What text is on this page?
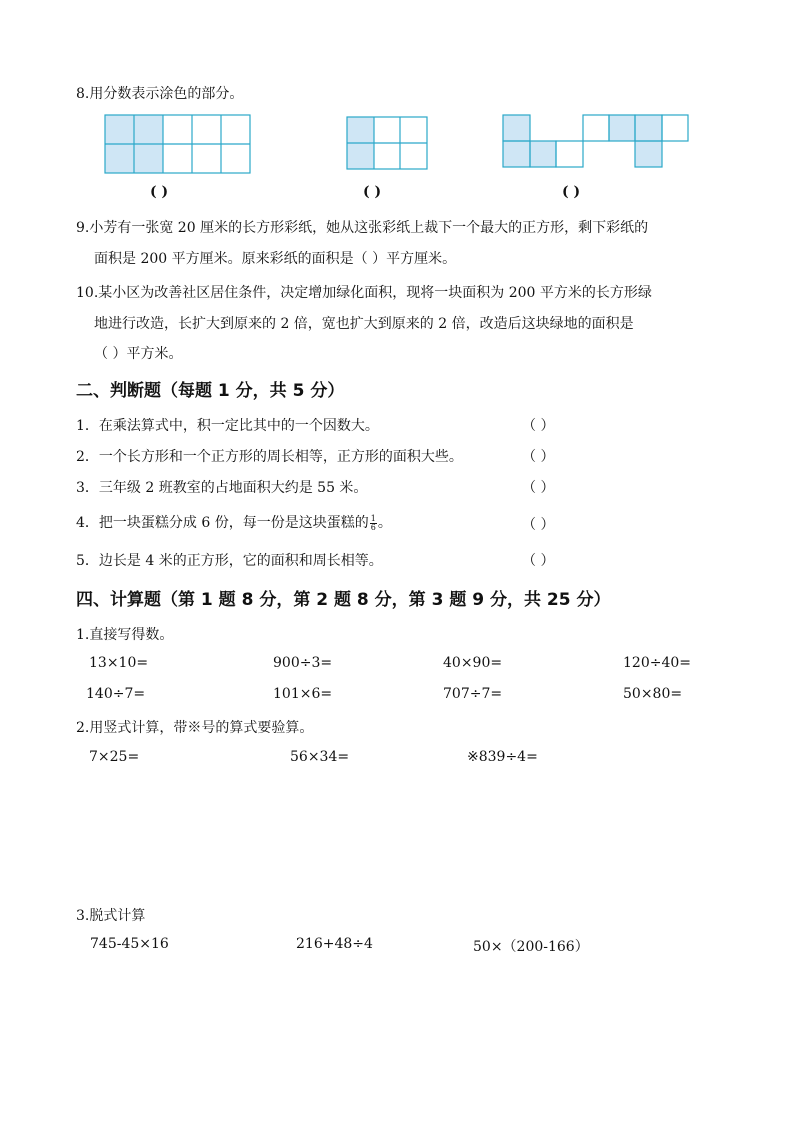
8.用分数表示涂色的部分。
( )	( )	( )
9.小芳有一张宽 20 厘米的长方形彩纸，她从这张彩纸上裁下一个最大的正方形，剩下彩纸的
面积是 200 平方厘米。原来彩纸的面积是（ ）平方厘米。
10.某小区为改善社区居住条件，决定增加绿化面积，现将一块面积为 200 平方米的长方形绿
地进行改造，长扩大到原来的 2 倍，宽也扩大到原来的 2 倍，改造后这块绿地的面积是
（ ）平方米。
二、判断题（每题 1 分，共 5 分）
1．在乘法算式中，积一定比其中的一个因数大。	（ ）
2．一个长方形和一个正方形的周长相等，正方形的面积大些。	（ ）
3．三年级 2 班教室的占地面积大约是 55 米。	（ ）
4．把一块蛋糕分成 6 份，每一份是这块蛋糕的 $\frac{1}{6}$ 。	（ ）
5．边长是 4 米的正方形，它的面积和周长相等。	（ ）
四、计算题（第 1 题 8 分，第 2 题 8 分，第 3 题 9 分，共 25 分）
1.直接写得数。
13×10=	900÷3=	40×90=	120÷40=
140÷7=	101×6=	707÷7=	50×80=
2.用竖式计算，带※号的算式要验算。
7×25=	56×34=	※839÷4=
3.脱式计算
745-45×16	216+48÷4	50×（200-166）
